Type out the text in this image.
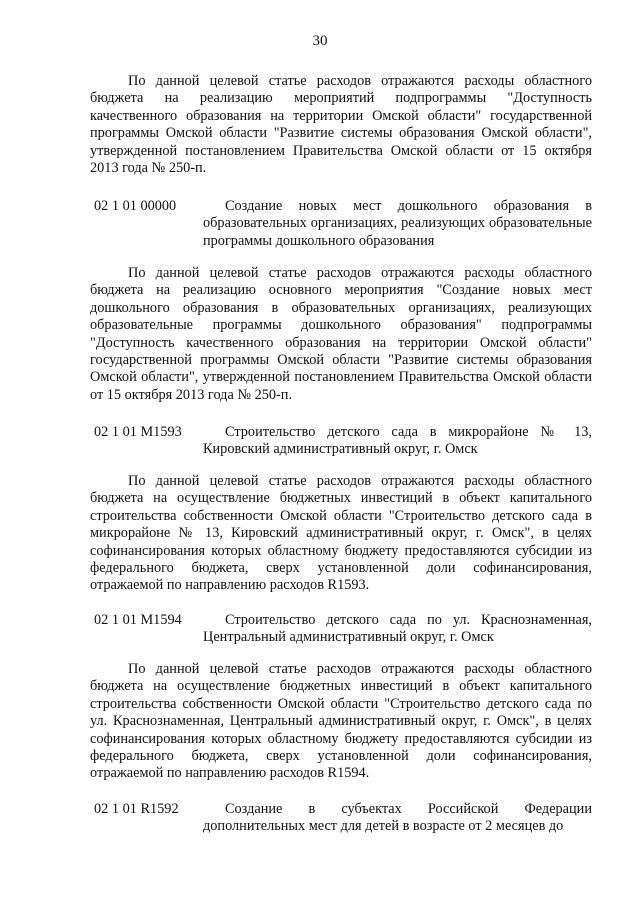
30

По данной целевой статье расходов отражаются расходы областного бюджета на реализацию мероприятий подпрограммы "Доступность качественного образования на территории Омской области" государственной программы Омской области "Развитие системы образования Омской области", утвержденной постановлением Правительства Омской области от 15 октября 2013 года № 250-п.

02 1 01 00000	Создание новых мест дошкольного образования в образовательных организациях, реализующих образовательные программы дошкольного образования

По данной целевой статье расходов отражаются расходы областного бюджета на реализацию основного мероприятия "Создание новых мест дошкольного образования в образовательных организациях, реализующих образовательные программы дошкольного образования" подпрограммы "Доступность качественного образования на территории Омской области" государственной программы Омской области "Развитие системы образования Омской области", утвержденной постановлением Правительства Омской области от 15 октября 2013 года № 250-п.

02 1 01 M1593	Строительство детского сада в микрорайоне № 13, Кировский административный округ, г. Омск

По данной целевой статье расходов отражаются расходы областного бюджета на осуществление бюджетных инвестиций в объект капитального строительства собственности Омской области "Строительство детского сада в микрорайоне № 13, Кировский административный округ, г. Омск", в целях софинансирования которых областному бюджету предоставляются субсидии из федерального бюджета, сверх установленной доли софинансирования, отражаемой по направлению расходов R1593.

02 1 01 M1594	Строительство детского сада по ул. Краснознаменная, Центральный административный округ, г. Омск

По данной целевой статье расходов отражаются расходы областного бюджета на осуществление бюджетных инвестиций в объект капитального строительства собственности Омской области "Строительство детского сада по ул. Краснознаменная, Центральный административный округ, г. Омск", в целях софинансирования которых областному бюджету предоставляются субсидии из федерального бюджета, сверх установленной доли софинансирования, отражаемой по направлению расходов R1594.

02 1 01 R1592	Создание в субъектах Российской Федерации дополнительных мест для детей в возрасте от 2 месяцев до
